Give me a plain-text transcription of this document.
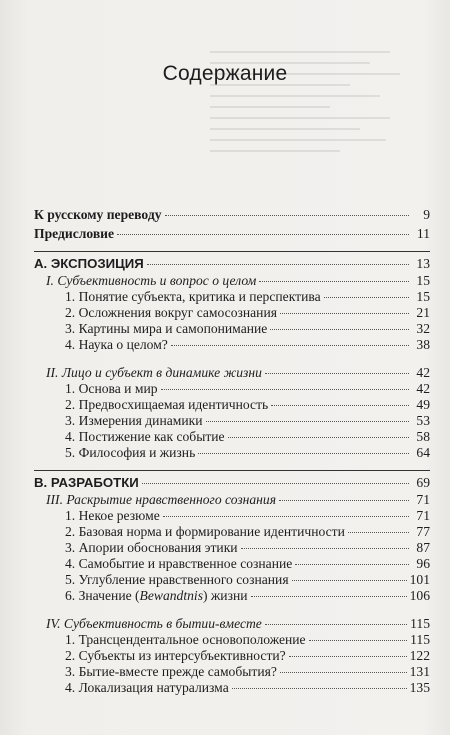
Содержание
К русскому переводу	9
Предисловие	11
А. ЭКСПОЗИЦИЯ	13
I. Субъективность и вопрос о целом	15
1. Понятие субъекта, критика и перспектива	15
2. Осложнения вокруг самосознания	21
3. Картины мира и самопонимание	32
4. Наука о целом?	38
II. Лицо и субъект в динамике жизни	42
1. Основа и мир	42
2. Предвосхищаемая идентичность	49
3. Измерения динамики	53
4. Постижение как событие	58
5. Философия и жизнь	64
В. РАЗРАБОТКИ	69
III. Раскрытие нравственного сознания	71
1. Некое резюме	71
2. Базовая норма и формирование идентичности	77
3. Апории обоснования этики	87
4. Самобытие и нравственное сознание	96
5. Углубление нравственного сознания	101
6. Значение (Bewandtnis) жизни	106
IV. Субъективность в бытии-вместе	115
1. Трансцендентальное основоположение	115
2. Субъекты из интерсубъективности?	122
3. Бытие-вместе прежде самобытия?	131
4. Локализация натурализма	135
